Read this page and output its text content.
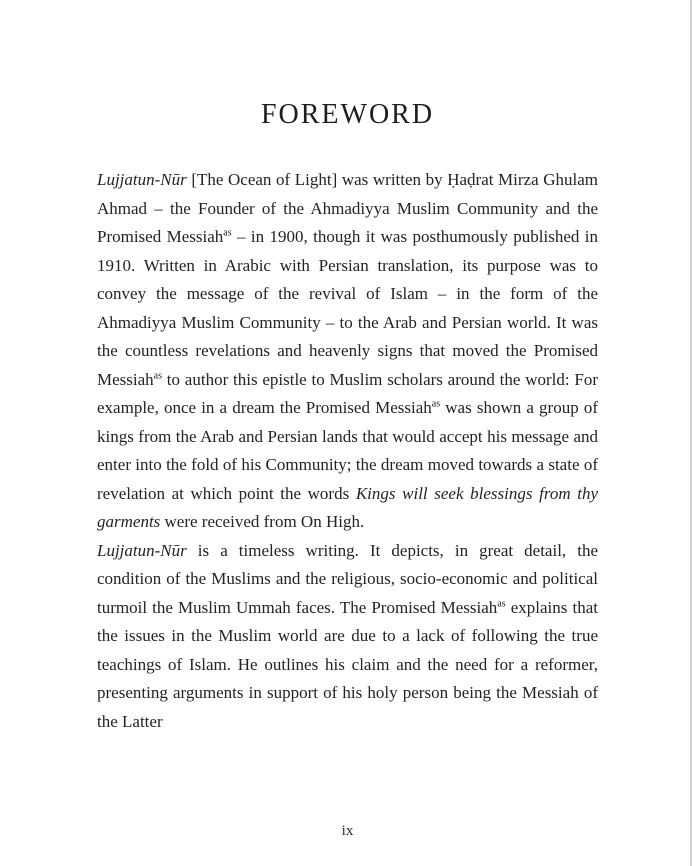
FOREWORD

Lujjatun-Nūr [The Ocean of Light] was written by Ḥaḍrat Mirza Ghulam Ahmad – the Founder of the Ahmadiyya Muslim Community and the Promised Messiah$^{as}$ – in 1900, though it was posthumously published in 1910. Written in Arabic with Persian translation, its purpose was to convey the message of the revival of Islam – in the form of the Ahmadiyya Muslim Community – to the Arab and Persian world. It was the countless revelations and heavenly signs that moved the Promised Messiah$^{as}$ to author this epistle to Muslim scholars around the world: For example, once in a dream the Promised Messiah$^{as}$ was shown a group of kings from the Arab and Persian lands that would accept his message and enter into the fold of his Community; the dream moved towards a state of revelation at which point the words Kings will seek blessings from thy garments were received from On High.

Lujjatun-Nūr is a timeless writing. It depicts, in great detail, the condition of the Muslims and the religious, socio-economic and political turmoil the Muslim Ummah faces. The Promised Messiah$^{as}$ explains that the issues in the Muslim world are due to a lack of following the true teachings of Islam. He outlines his claim and the need for a reformer, presenting arguments in support of his holy person being the Messiah of the Latter

ix
